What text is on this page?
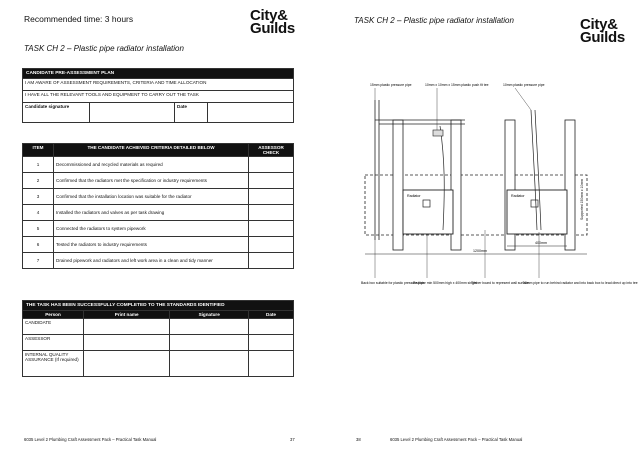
Recommended time: 3 hours	City&
Guilds
TASK CH 2 – Plastic pipe radiator installation
CANDIDATE PRE-ASSESSMENT PLAN
I AM AWARE OF ASSESSMENT REQUIREMENTS, CRITERIA AND TIME ALLOCATION
I HAVE ALL THE RELEVANT TOOLS AND EQUIPMENT TO CARRY OUT THE TASK
Candidate signature		Date	
ITEM	THE CANDIDATE ACHIEVED CRITERIA DETAILED BELOW	ASSESSOR CHECK
1	Decommissioned and recycled materials as required	
2	Confirmed that the radiators met the specification or industry requirements	
3	Confirmed that the installation location was suitable for the radiator	
4	Installed the radiators and valves as per task drawing	
5	Connected the radiators to system pipework	
6	Tested the radiators to industry requirements	
7	Drained pipework and radiators and left work area in a clean and tidy manner	
THE TASK HAS BEEN SUCCESSFULLY COMPLETED TO THE STANDARDS IDENTIFIED			
Person	Print name	Signature	Date
CANDIDATE			
ASSESSOR			
INTERNAL QUALITY ASSURANCE (If required)			
6035 Level 2 Plumbing Craft Assessment Pack – Practical Task Manual	37
TASK CH 2 – Plastic pipe radiator installation	City&
Guilds
38	6035 Level 2 Plumbing Craft Assessment Pack – Practical Task Manual
Radiator	Radiator
400mm
1200mm
Supported 150mm x 10mm
15mm plastic pressure pipe	10mm x 10mm x 15mm plastic push fit tee	10mm plastic pressure pipe
Back box suitable for plastic pressure pipe
Radiator min 500mm high x 400mm single
Timber board to represent wall surface
10mm pipe to run behind radiator and into back box to lead direct up into tee
